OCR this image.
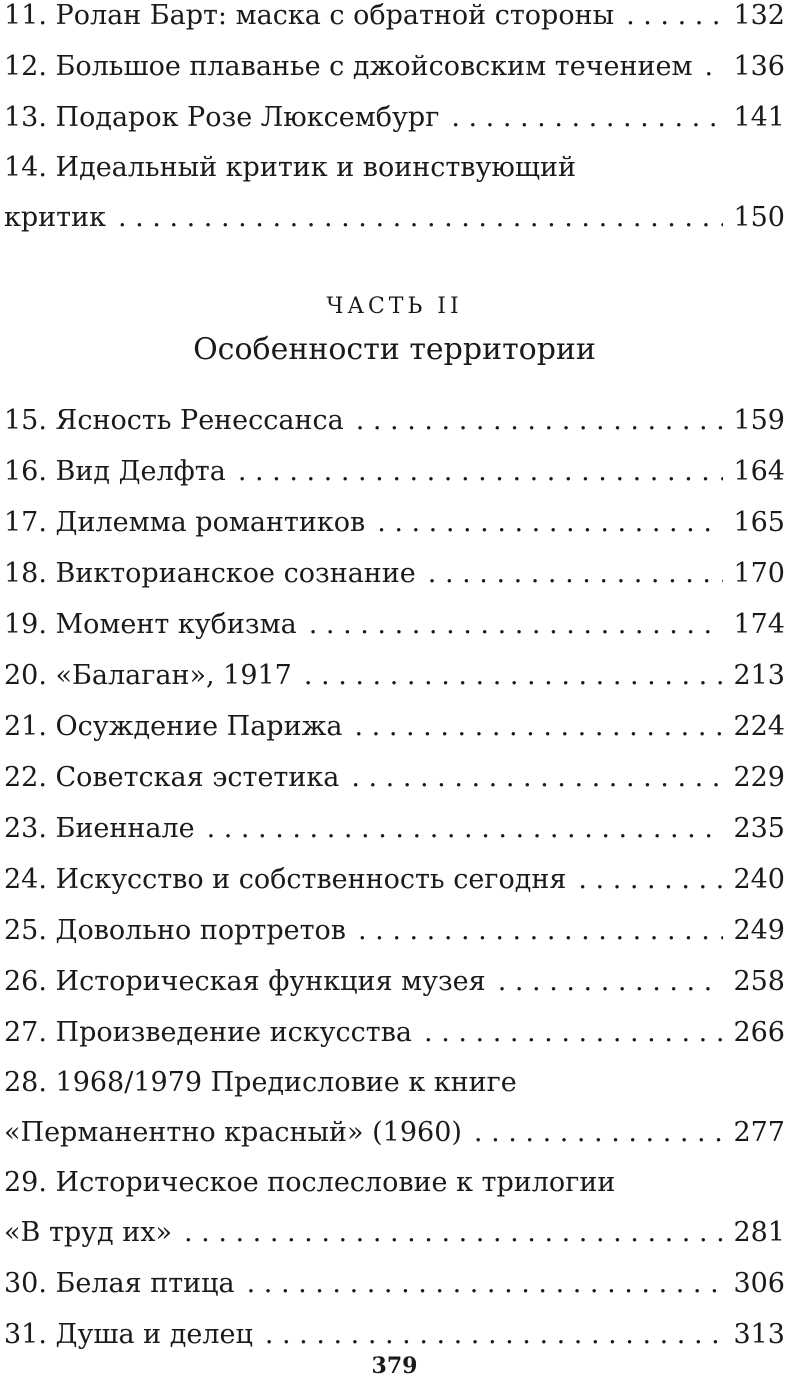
11. Ролан Барт: маска с обратной стороны . . .	132
12. Большое плаванье с джойсовским течением . . . 136
13. Подарок Розе Люксембург . . .	141
14. Идеальный критик и воинствующий
критик . . .	150
ЧАСТЬ II
Особенности территории
15. Ясность Ренессанса . . .	159
16. Вид Делфта . . .	164
17. Дилемма романтиков . . .	165
18. Викторианское сознание . . .	170
19. Момент кубизма . . .	174
20. «Балаган», 1917 . . .	213
21. Осуждение Парижа . . .	224
22. Советская эстетика . . .	229
23. Биеннале . . .	235
24. Искусство и собственность сегодня . . .	240
25. Довольно портретов . . .	249
26. Историческая функция музея . . .	258
27. Произведение искусства . . .	266
28. 1968/1979 Предисловие к книге
«Перманентно красный» (1960) . . .	277
29. Историческое послесловие к трилогии
«В труд их» . . .	281
30. Белая птица . . .	306
31. Душа и делец . . .	313
379
